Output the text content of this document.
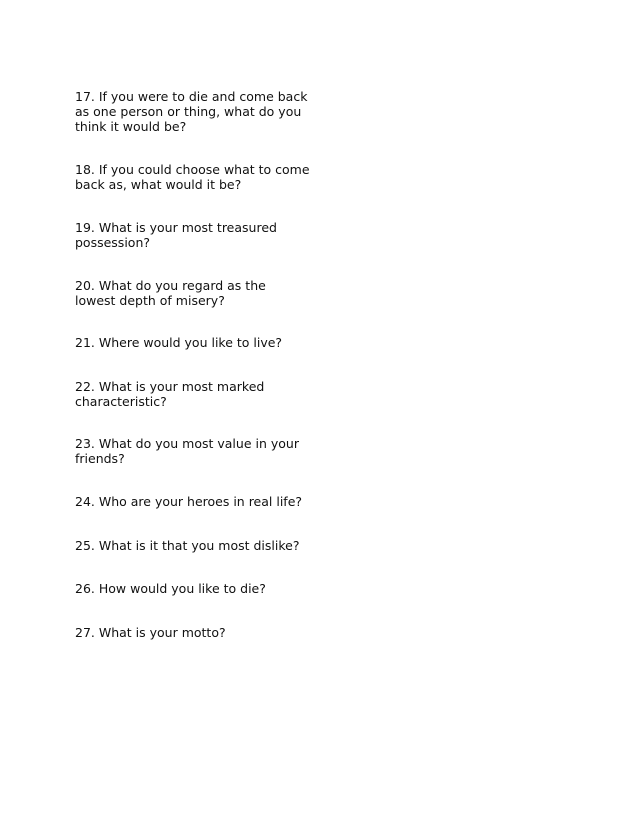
17. If you were to die and come back as one person or thing, what do you think it would be?

18. If you could choose what to come back as, what would it be?

19. What is your most treasured possession?

20. What do you regard as the lowest depth of misery?

21. Where would you like to live?

22. What is your most marked characteristic?

23. What do you most value in your friends?

24. Who are your heroes in real life?

25. What is it that you most dislike?

26. How would you like to die?

27. What is your motto?
